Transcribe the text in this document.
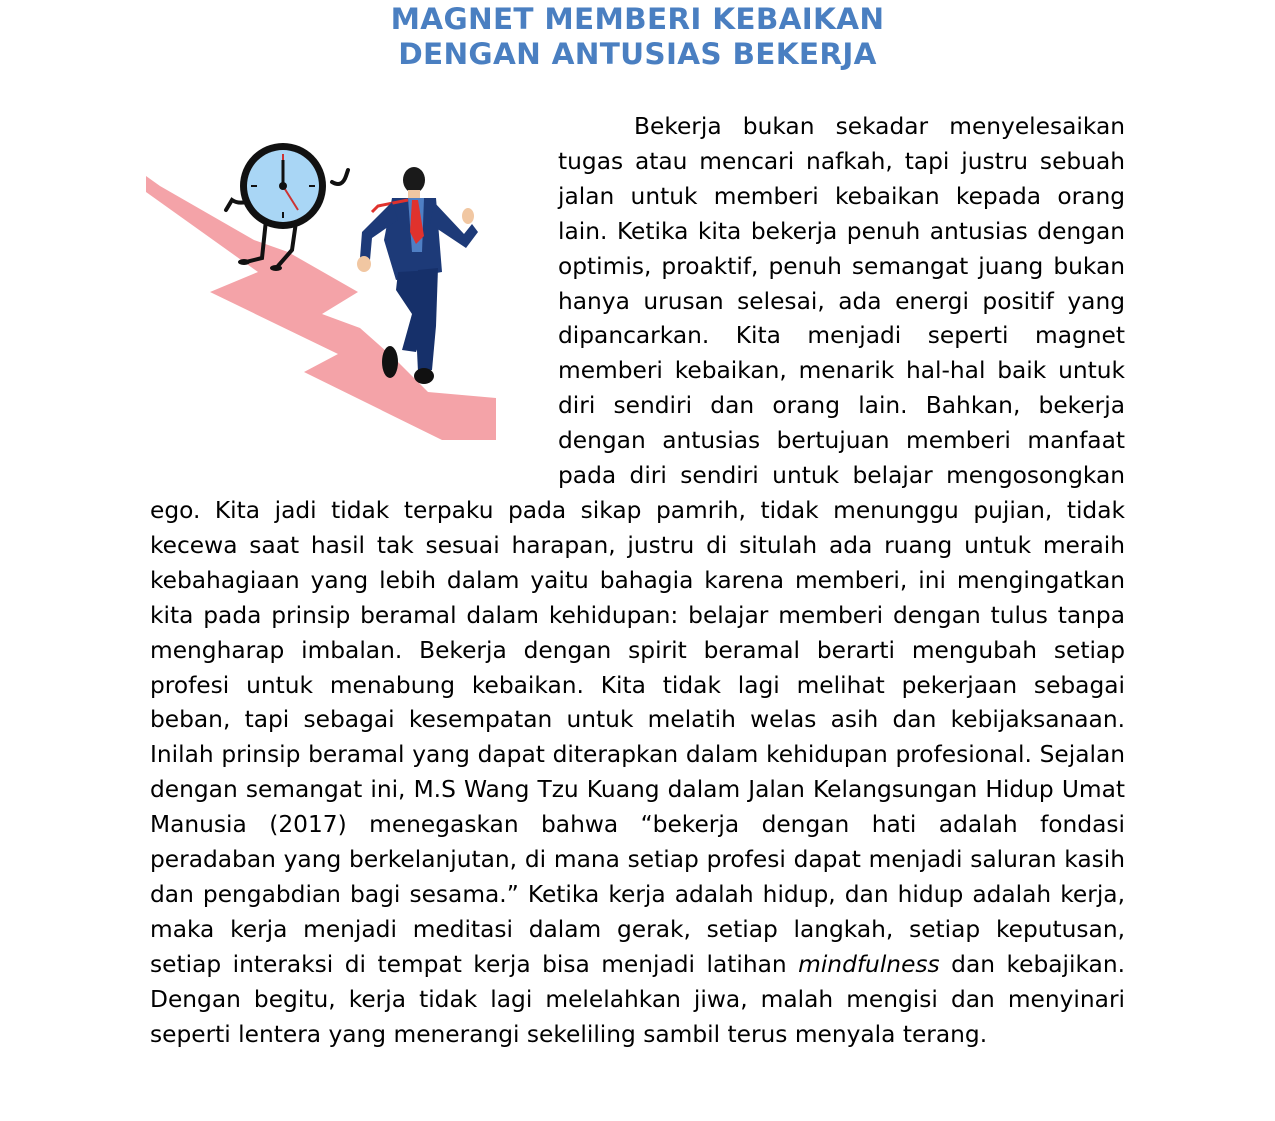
MAGNET MEMBERI KEBAIKAN
DENGAN ANTUSIAS BEKERJA

Bekerja bukan sekadar menyelesaikan tugas atau mencari nafkah, tapi justru sebuah jalan untuk memberi kebaikan kepada orang lain. Ketika kita bekerja penuh antusias dengan optimis, proaktif, penuh semangat juang bukan hanya urusan selesai, ada energi positif yang dipancarkan. Kita menjadi seperti magnet memberi kebaikan, menarik hal-hal baik untuk diri sendiri dan orang lain. Bahkan, bekerja dengan antusias bertujuan memberi manfaat pada diri sendiri untuk belajar mengosongkan ego. Kita jadi tidak terpaku pada sikap pamrih, tidak menunggu pujian, tidak kecewa saat hasil tak sesuai harapan, justru di situlah ada ruang untuk meraih kebahagiaan yang lebih dalam yaitu bahagia karena memberi, ini mengingatkan kita pada prinsip beramal dalam kehidupan: belajar memberi dengan tulus tanpa mengharap imbalan. Bekerja dengan spirit beramal berarti mengubah setiap profesi untuk menabung kebaikan. Kita tidak lagi melihat pekerjaan sebagai beban, tapi sebagai kesempatan untuk melatih welas asih dan kebijaksanaan. Inilah prinsip beramal yang dapat diterapkan dalam kehidupan profesional. Sejalan dengan semangat ini, M.S Wang Tzu Kuang dalam Jalan Kelangsungan Hidup Umat Manusia (2017) menegaskan bahwa “bekerja dengan hati adalah fondasi peradaban yang berkelanjutan, di mana setiap profesi dapat menjadi saluran kasih dan pengabdian bagi sesama.” Ketika kerja adalah hidup, dan hidup adalah kerja, maka kerja menjadi meditasi dalam gerak, setiap langkah, setiap keputusan, setiap interaksi di tempat kerja bisa menjadi latihan mindfulness dan kebajikan. Dengan begitu, kerja tidak lagi melelahkan jiwa, malah mengisi dan menyinari seperti lentera yang menerangi sekeliling sambil terus menyala terang.
